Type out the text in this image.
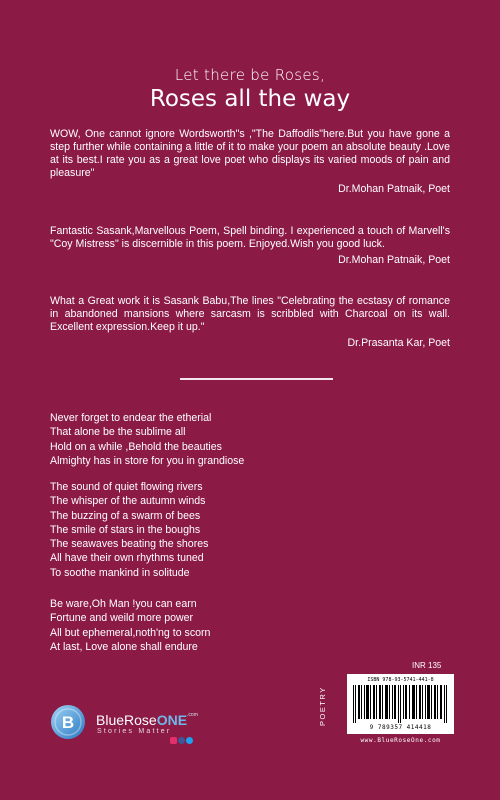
Let there be Roses,
Roses all the way
WOW, One cannot ignore Wordsworth"s ,"The Daffodils"here.But you have gone a step further while containing a little of it to make your poem an absolute beauty .Love at its best.I rate you as a great love poet who displays its varied moods of pain and pleasure"
Dr.Mohan Patnaik, Poet
Fantastic Sasank,Marvellous Poem, Spell binding. I experienced a touch of Marvell's "Coy Mistress" is discernible in this poem. Enjoyed.Wish you good luck.
Dr.Mohan Patnaik, Poet
What a Great work it is Sasank Babu,The lines "Celebrating the ecstasy of romance in abandoned mansions where sarcasm is scribbled with Charcoal on its wall. Excellent expression.Keep it up."
Dr.Prasanta Kar, Poet
Never forget to endear the etherial
That alone be the sublime all
Hold on a while ,Behold the beauties
Almighty has in store for you in grandiose
The sound of quiet flowing rivers
The whisper of the autumn winds
The buzzing of a swarm of bees
The smile of stars in the boughs
The seawaves beating the shores
All have their own rhythms tuned
To soothe mankind in solitude
Be ware,Oh Man !you can earn
Fortune and weild more power
All but ephemeral,noth'ng to scorn
At last, Love alone shall endure
B BlueRoseONE$^{.com}$
Stories Matter
INR 135
POETRY
ISBN 978-93-5741-441-8
9 789357 414418
www.BlueRoseOne.com
